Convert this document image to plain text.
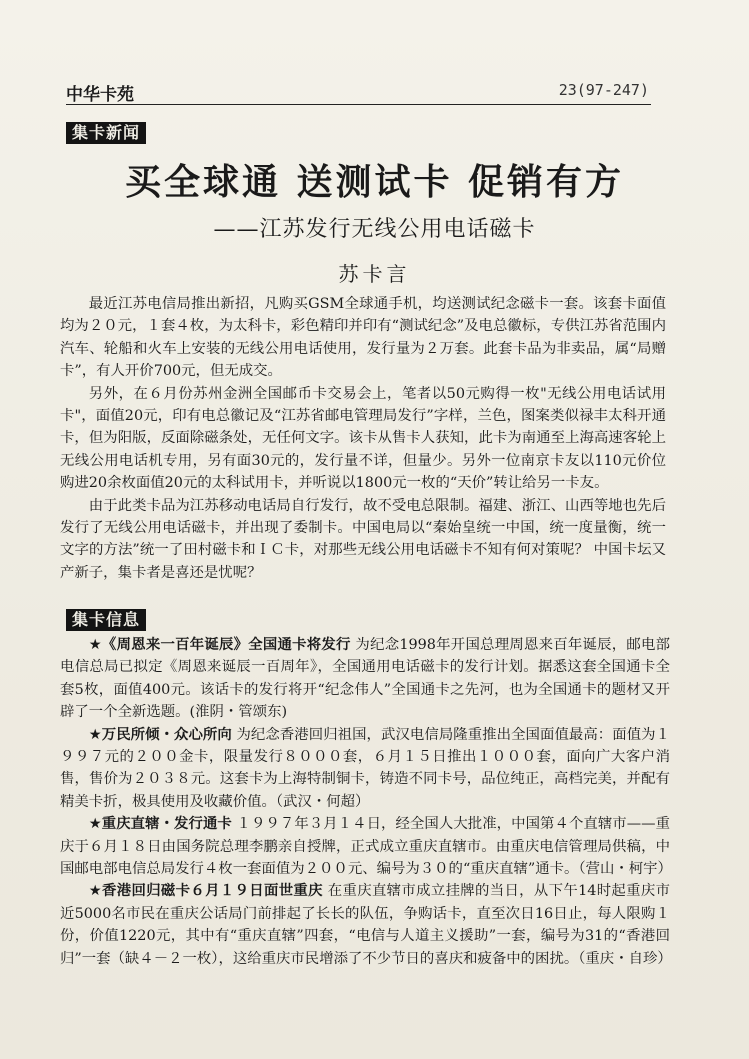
中华卡苑	23(97-247)
集卡新闻
买全球通 送测试卡 促销有方
——江苏发行无线公用电话磁卡
苏卡言

最近江苏电信局推出新招，凡购买GSM全球通手机，均送测试纪念磁卡一套。该套卡面值均为２０元，１套４枚，为太科卡，彩色精印并印有“测试纪念”及电总徽标，专供江苏省范围内汽车、轮船和火车上安装的无线公用电话使用，发行量为２万套。此套卡品为非卖品，属“局赠卡”，有人开价700元，但无成交。

另外，在６月份苏州金洲全国邮币卡交易会上，笔者以50元购得一枚"无线公用电话试用卡"，面值20元，印有电总徽记及“江苏省邮电管理局发行”字样，兰色，图案类似禄丰太科开通卡，但为阳版，反面除磁条处，无任何文字。该卡从售卡人获知，此卡为南通至上海高速客轮上无线公用电话机专用，另有面30元的，发行量不详，但量少。另外一位南京卡友以110元价位购进20余枚面值20元的太科试用卡，并听说以1800元一枚的“天价”转让给另一卡友。

由于此类卡品为江苏移动电话局自行发行，故不受电总限制。福建、浙江、山西等地也先后发行了无线公用电话磁卡，并出现了委制卡。中国电局以“秦始皇统一中国，统一度量衡，统一文字的方法”统一了田村磁卡和ＩＣ卡，对那些无线公用电话磁卡不知有何对策呢？ 中国卡坛又产新子，集卡者是喜还是忧呢？

集卡信息

★《周恩来一百年诞辰》全国通卡将发行 为纪念1998年开国总理周恩来百年诞辰，邮电部电信总局已拟定《周恩来诞辰一百周年》，全国通用电话磁卡的发行计划。据悉这套全国通卡全套5枚，面值400元。该话卡的发行将开“纪念伟人”全国通卡之先河，也为全国通卡的题材又开辟了一个全新选题。(淮阴・管颂东)

★万民所倾・众心所向 为纪念香港回归祖国，武汉电信局隆重推出全国面值最高：面值为１９９７元的２００金卡，限量发行８０００套，６月１５日推出１０００套，面向广大客户消售，售价为２０３８元。这套卡为上海特制铜卡，铸造不同卡号，品位纯正，高档完美，并配有精美卡折，极具使用及收藏价值。（武汉・何超）

★重庆直辖・发行通卡 １９９７年３月１４日，经全国人大批准，中国第４个直辖市——重庆于６月１８日由国务院总理李鹏亲自授牌，正式成立重庆直辖市。由重庆电信管理局供稿，中国邮电部电信总局发行４枚一套面值为２００元、编号为３０的“重庆直辖”通卡。（营山・柯宇）

★香港回归磁卡６月１９日面世重庆 在重庆直辖市成立挂牌的当日，从下午14时起重庆市近5000名市民在重庆公话局门前排起了长长的队伍，争购话卡，直至次日16日止，每人限购１份，价值1220元，其中有“重庆直辖”四套，“电信与人道主义援助”一套，编号为31的“香港回归”一套（缺４－２一枚），这给重庆市民增添了不少节日的喜庆和疲备中的困扰。（重庆・自珍）
